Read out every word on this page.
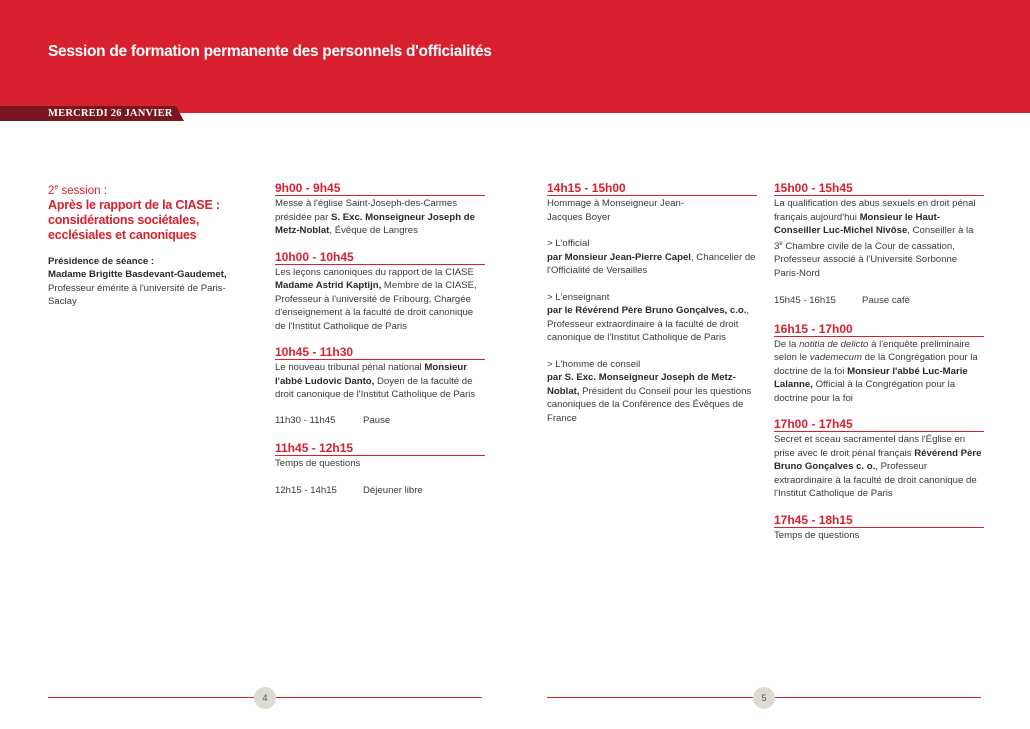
Session de formation permanente des personnels d'officialités
MERCREDI 26 JANVIER
2e session :
Après le rapport de la CIASE : considérations sociétales, ecclésiales et canoniques
Présidence de séance :
Madame Brigitte Basdevant-Gaudemet,
Professeur émérite à l'université de Paris-Saclay
9h00 - 9h45
Messe à l'église Saint-Joseph-des-Carmes présidée par S. Exc. Monseigneur Joseph de Metz-Noblat, Évêque de Langres
10h00 - 10h45
Les leçons canoniques du rapport de la CIASE Madame Astrid Kaptijn, Membre de la CIASE, Professeur à l'université de Fribourg, Chargée d'enseignement à la faculté de droit canonique de l'Institut Catholique de Paris
10h45 - 11h30
Le nouveau tribunal pénal national Monsieur l'abbé Ludovic Danto, Doyen de la faculté de droit canonique de l'Institut Catholique de Paris
11h30 - 11h45	Pause
11h45 - 12h15
Temps de questions
12h15 - 14h15	Déjeuner libre
14h15 - 15h00
Hommage à Monseigneur Jean-Jacques Boyer
> L'official
par Monsieur Jean-Pierre Capel, Chancelier de l'Officialité de Versailles
> L'enseignant
par le Révérend Père Bruno Gonçalves, c.o., Professeur extraordinaire à la faculté de droit canonique de l'Institut Catholique de Paris
> L'homme de conseil
par S. Exc. Monseigneur Joseph de Metz-Noblat, Président du Conseil pour les questions canoniques de la Conférence des Évêques de France
15h00 - 15h45
La qualification des abus sexuels en droit pénal français aujourd'hui Monsieur le Haut-Conseiller Luc-Michel Nivôse, Conseiller à la 3e Chambre civile de la Cour de cassation, Professeur associé à l'Université Sorbonne Paris-Nord
15h45 - 16h15	Pause café
16h15 - 17h00
De la notitia de delicto à l'enquête préliminaire selon le vademecum de la Congrégation pour la doctrine de la foi Monsieur l'abbé Luc-Marie Lalanne, Official à la Congrégation pour la doctrine pour la foi
17h00 - 17h45
Secret et sceau sacramentel dans l'Église en prise avec le droit pénal français Révérend Père Bruno Gonçalves c. o., Professeur extraordinaire à la faculté de droit canonique de l'Institut Catholique de Paris
17h45 - 18h15
Temps de questions
4	5
